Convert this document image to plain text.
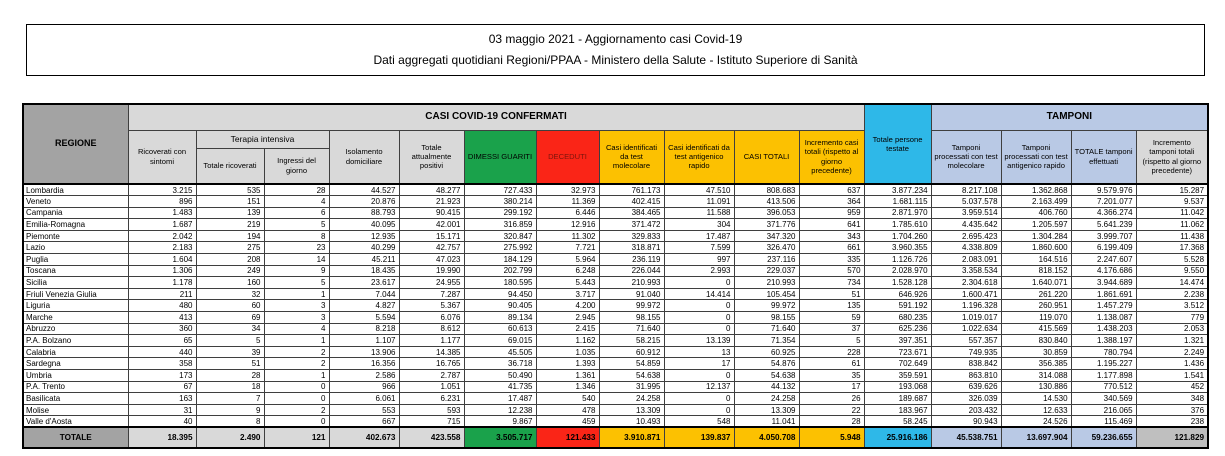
03 maggio 2021 - Aggiornamento casi Covid-19

Dati aggregati quotidiani Regioni/PPAA - Ministero della Salute - Istituto Superiore di Sanità

REGIONE	CASI COVID-19 CONFERMATI											Totale persone testate	TAMPONI			
	Ricoverati con sintomi	Terapia intensiva		Isolamento domiciliare	Totale attualmente positivi	DIMESSI GUARITI	DECEDUTI	Casi identificati da test molecolare	Casi identificati da test antigenico rapido	CASI TOTALI	Incremento casi totali (rispetto al giorno precedente)		Tamponi processati con test molecolare	Tamponi processati con test antigenico rapido	TOTALE tamponi effettuati	Incremento tamponi totali (rispetto al giorno precedente)
		Totale ricoverati	Ingressi del giorno													
Lombardia	3.215	535	28	44.527	48.277	727.433	32.973	761.173	47.510	808.683	637	3.877.234	8.217.108	1.362.868	9.579.976	15.287
Veneto	896	151	4	20.876	21.923	380.214	11.369	402.415	11.091	413.506	364	1.681.115	5.037.578	2.163.499	7.201.077	9.537
Campania	1.483	139	6	88.793	90.415	299.192	6.446	384.465	11.588	396.053	959	2.871.970	3.959.514	406.760	4.366.274	11.042
Emilia-Romagna	1.687	219	5	40.095	42.001	316.859	12.916	371.472	304	371.776	641	1.785.610	4.435.642	1.205.597	5.641.239	11.062
Piemonte	2.042	194	8	12.935	15.171	320.847	11.302	329.833	17.487	347.320	343	1.704.260	2.695.423	1.304.284	3.999.707	11.438
Lazio	2.183	275	23	40.299	42.757	275.992	7.721	318.871	7.599	326.470	661	3.960.355	4.338.809	1.860.600	6.199.409	17.368
Puglia	1.604	208	14	45.211	47.023	184.129	5.964	236.119	997	237.116	335	1.126.726	2.083.091	164.516	2.247.607	5.528
Toscana	1.306	249	9	18.435	19.990	202.799	6.248	226.044	2.993	229.037	570	2.028.970	3.358.534	818.152	4.176.686	9.550
Sicilia	1.178	160	5	23.617	24.955	180.595	5.443	210.993	0	210.993	734	1.528.128	2.304.618	1.640.071	3.944.689	14.474
Friuli Venezia Giulia	211	32	1	7.044	7.287	94.450	3.717	91.040	14.414	105.454	51	646.926	1.600.471	261.220	1.861.691	2.238
Liguria	480	60	3	4.827	5.367	90.405	4.200	99.972	0	99.972	135	591.192	1.196.328	260.951	1.457.279	3.512
Marche	413	69	3	5.594	6.076	89.134	2.945	98.155	0	98.155	59	680.235	1.019.017	119.070	1.138.087	779
Abruzzo	360	34	4	8.218	8.612	60.613	2.415	71.640	0	71.640	37	625.236	1.022.634	415.569	1.438.203	2.053
P.A. Bolzano	65	5	1	1.107	1.177	69.015	1.162	58.215	13.139	71.354	5	397.351	557.357	830.840	1.388.197	1.321
Calabria	440	39	2	13.906	14.385	45.505	1.035	60.912	13	60.925	228	723.671	749.935	30.859	780.794	2.249
Sardegna	358	51	2	16.356	16.765	36.718	1.393	54.859	17	54.876	61	702.649	838.842	356.385	1.195.227	1.436
Umbria	173	28	1	2.586	2.787	50.490	1.361	54.638	0	54.638	35	359.591	863.810	314.088	1.177.898	1.541
P.A. Trento	67	18	0	966	1.051	41.735	1.346	31.995	12.137	44.132	17	193.068	639.626	130.886	770.512	452
Basilicata	163	7	0	6.061	6.231	17.487	540	24.258	0	24.258	26	189.687	326.039	14.530	340.569	348
Molise	31	9	2	553	593	12.238	478	13.309	0	13.309	22	183.967	203.432	12.633	216.065	376
Valle d'Aosta	40	8	0	667	715	9.867	459	10.493	548	11.041	28	58.245	90.943	24.526	115.469	238
TOTALE	18.395	2.490	121	402.673	423.558	3.505.717	121.433	3.910.871	139.837	4.050.708	5.948	25.916.186	45.538.751	13.697.904	59.236.655	121.829
